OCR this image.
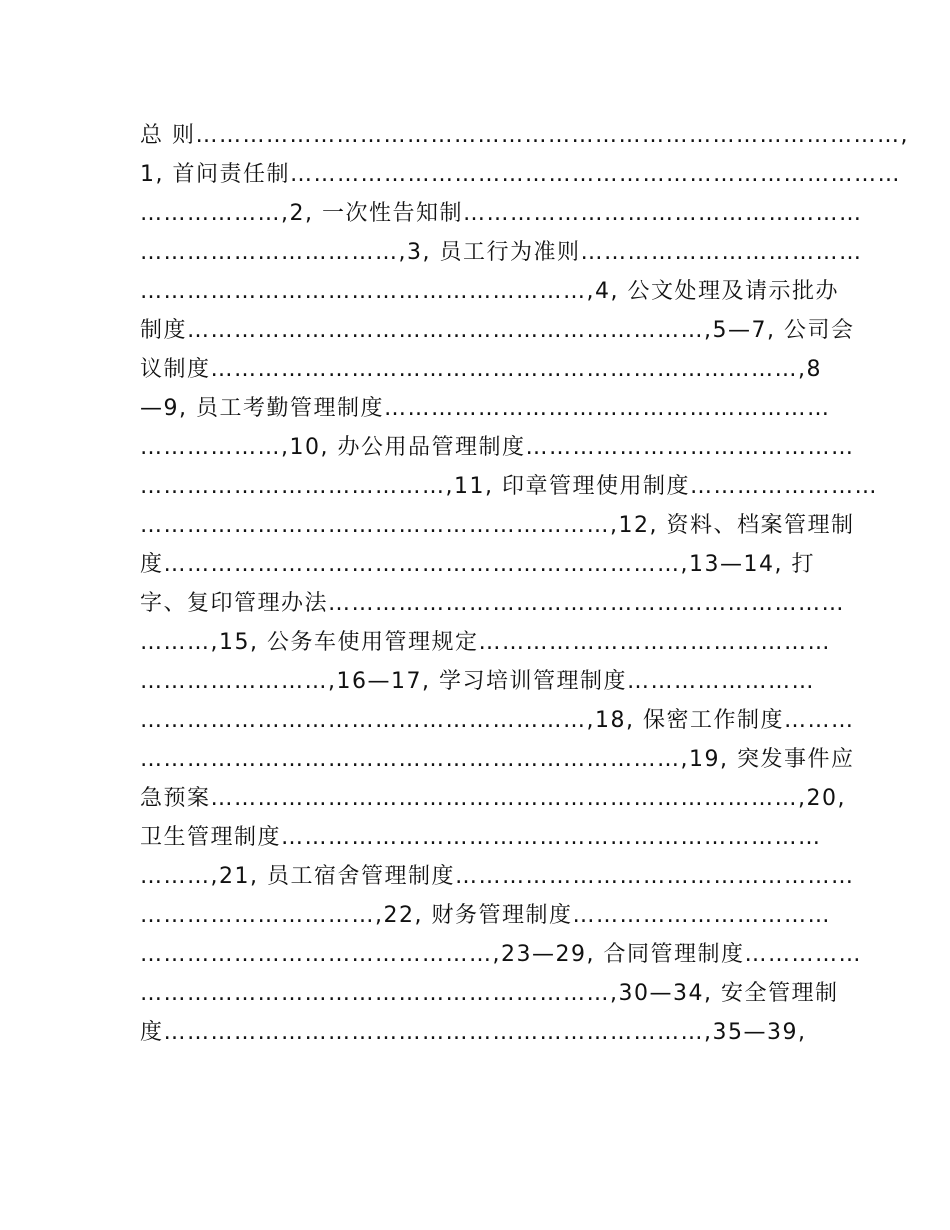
总 则………………………………………………………………………………,
1, 首问责任制……………………………………………………………………
………………,2, 一次性告知制……………………………………………
……………………………,3, 员工行为准则………………………………
…………………………………………………,4, 公文处理及请示批办
制度…………………………………………………………,5—7, 公司会
议制度…………………………………………………………………,8
—9, 员工考勤管理制度…………………………………………………
………………,10, 办公用品管理制度……………………………………
…………………………………,11, 印章管理使用制度……………………
……………………………………………………,12, 资料、档案管理制
度…………………………………………………………,13—14, 打
字、复印管理办法…………………………………………………………
………,15, 公务车使用管理规定………………………………………
……………………,16—17, 学习培训管理制度……………………
…………………………………………………,18, 保密工作制度………
……………………………………………………………,19, 突发事件应
急预案…………………………………………………………………,20,
卫生管理制度……………………………………………………………
………,21, 员工宿舍管理制度……………………………………………
…………………………,22, 财务管理制度……………………………
………………………………………,23—29, 合同管理制度……………
……………………………………………………,30—34, 安全管理制
度……………………………………………………………,35—39,
